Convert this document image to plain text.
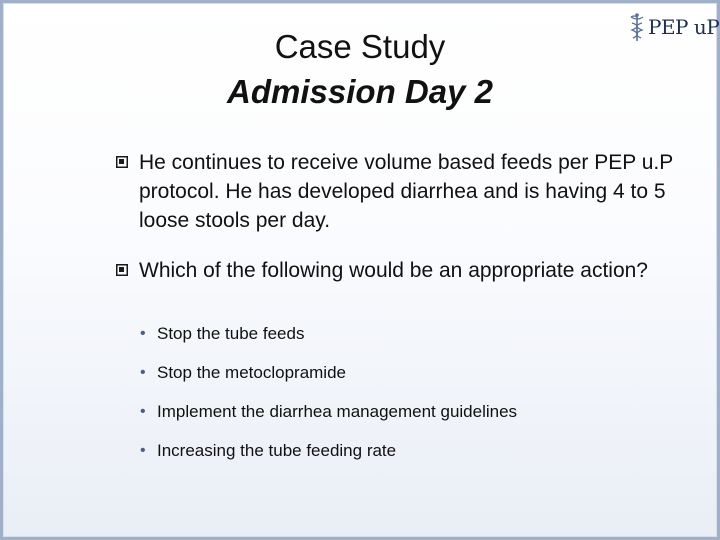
PEP uP
Case Study
Admission Day 2
He continues to receive volume based feeds per PEP u.P protocol. He has developed diarrhea and is having 4 to 5 loose stools per day.
Which of the following would be an appropriate action?
• Stop the tube feeds
• Stop the metoclopramide
• Implement the diarrhea management guidelines
• Increasing the tube feeding rate
